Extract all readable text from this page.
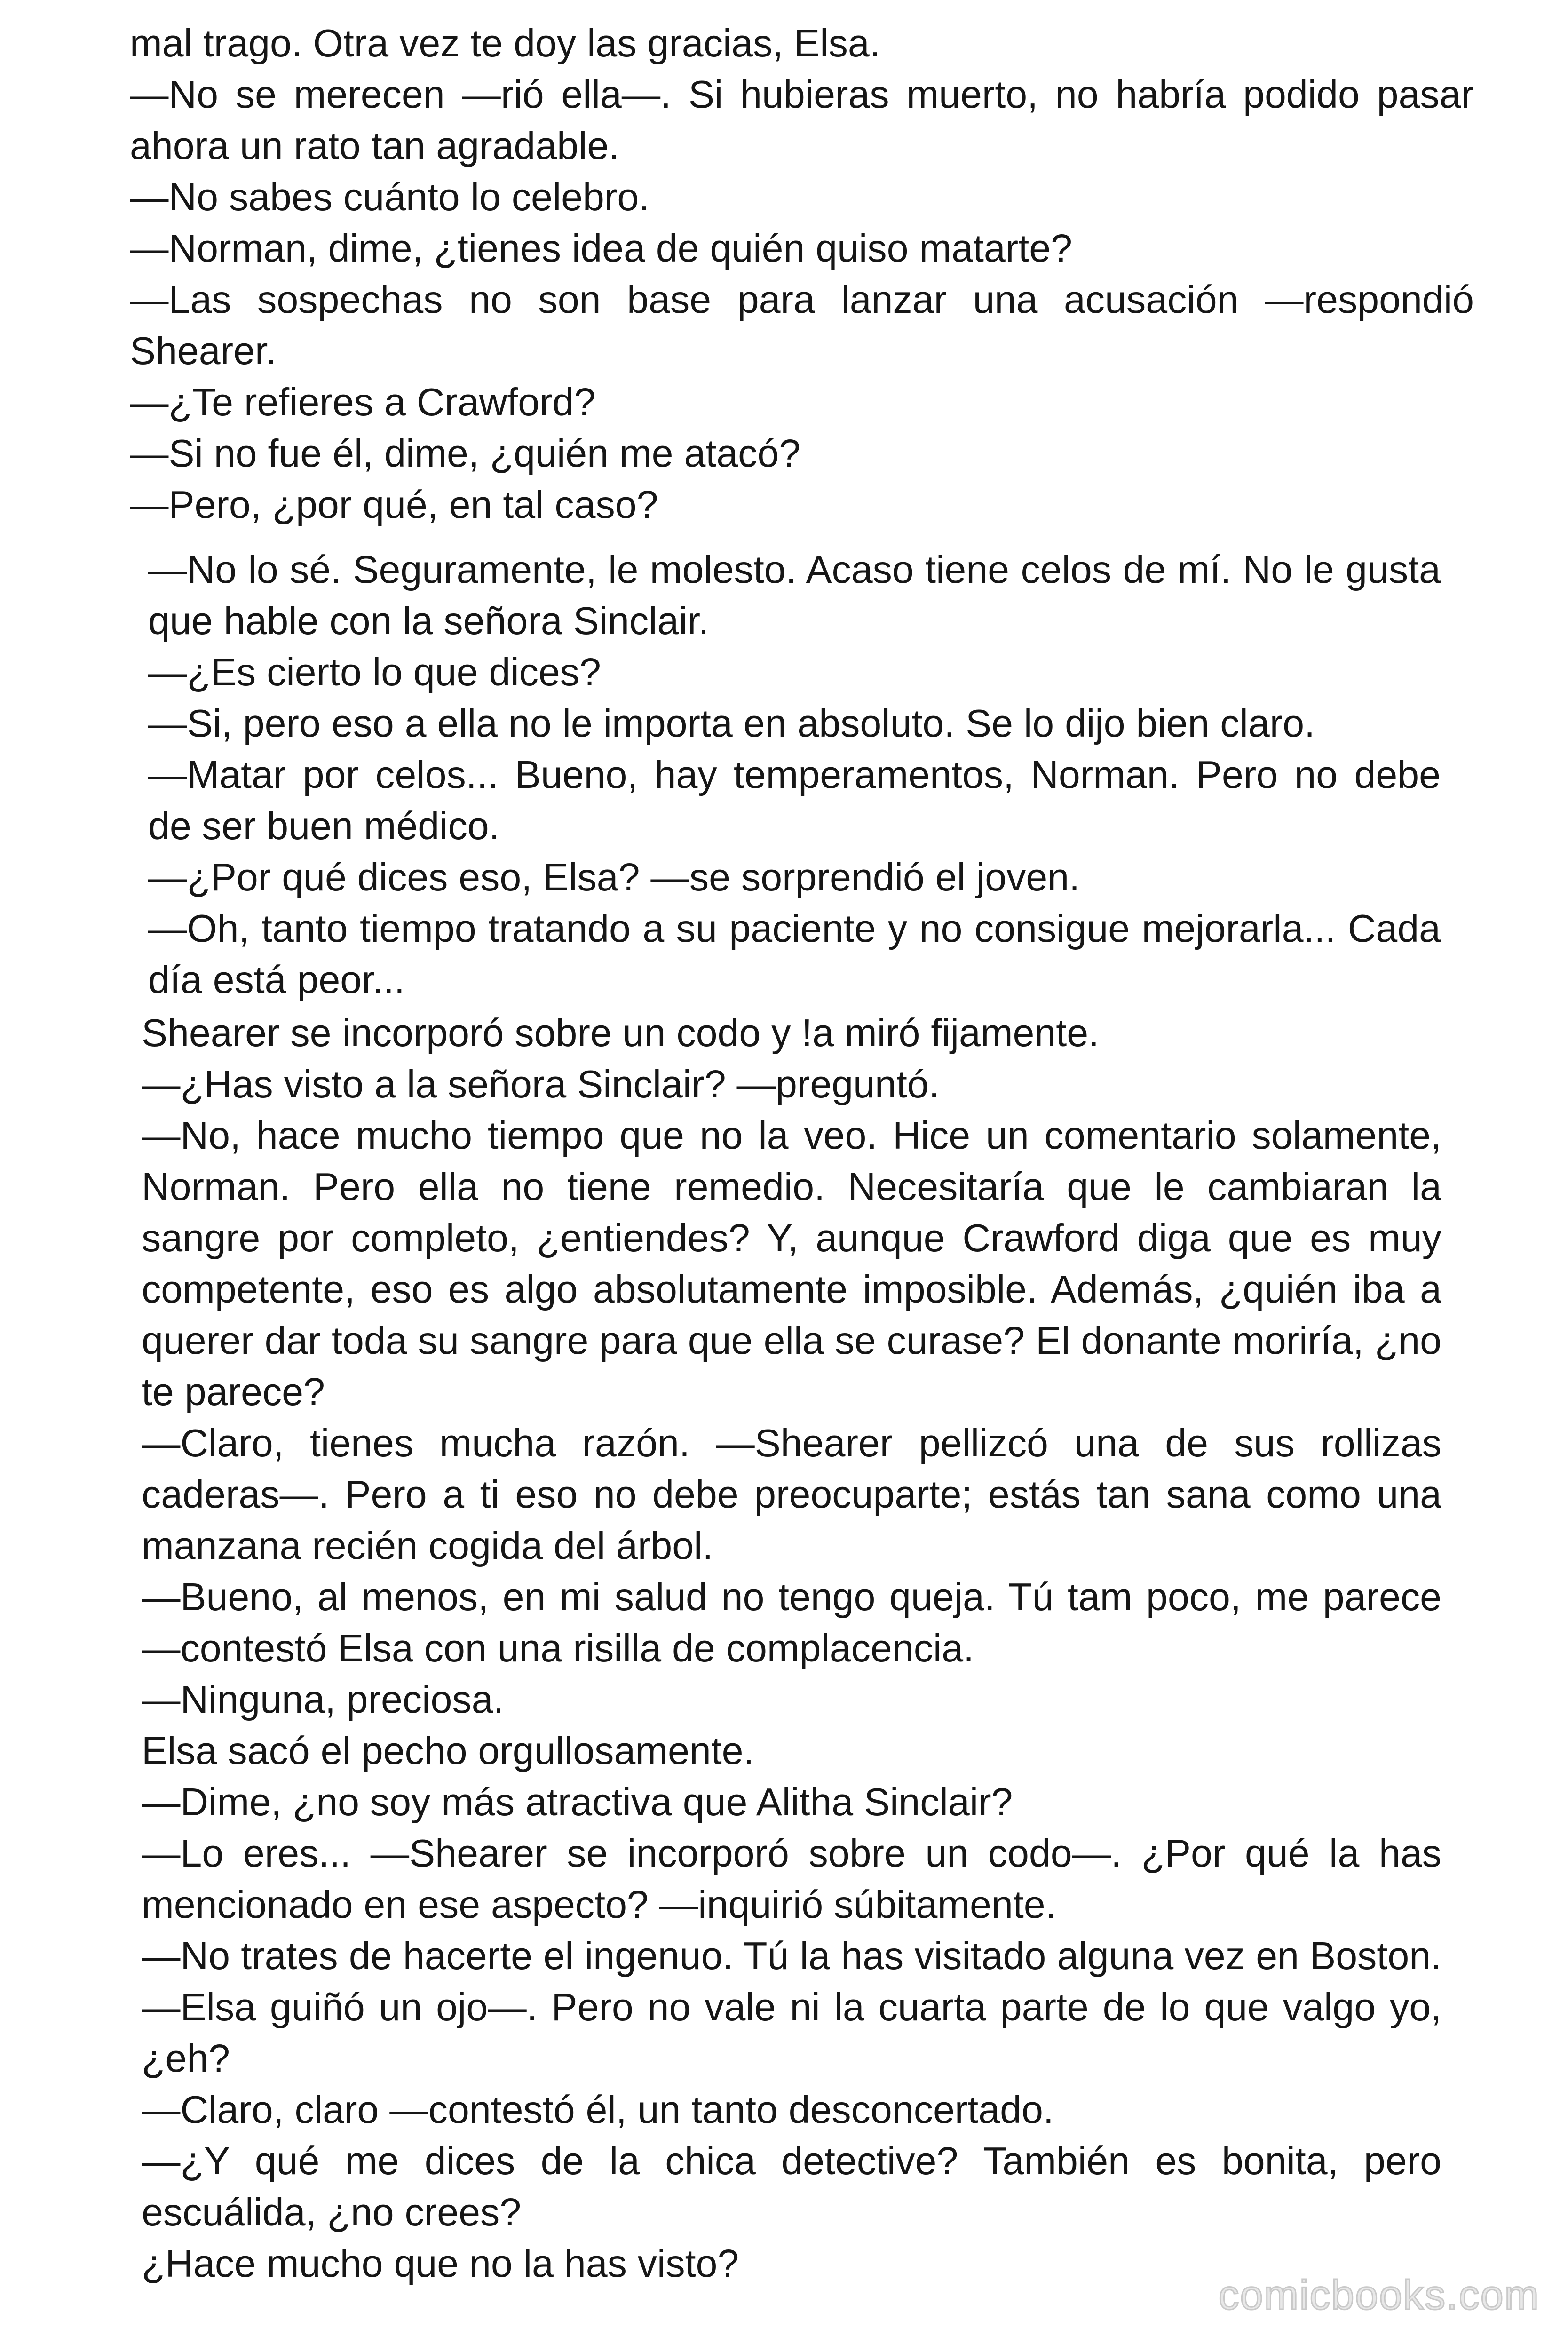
mal trago. Otra vez te doy las gracias, Elsa.

—No se merecen —rió ella—. Si hubieras muerto, no habría podido pasar ahora un rato tan agradable.

—No sabes cuánto lo celebro.

—Norman, dime, ¿tienes idea de quién quiso matarte?

—Las sospechas no son base para lanzar una acusación —respondió Shearer.

—¿Te refieres a Crawford?

—Si no fue él, dime, ¿quién me atacó?

—Pero, ¿por qué, en tal caso?

—No lo sé. Seguramente, le molesto. Acaso tiene celos de mí. No le gusta que hable con la señora Sinclair.

—¿Es cierto lo que dices?

—Si, pero eso a ella no le importa en absoluto. Se lo dijo bien claro.

—Matar por celos... Bueno, hay temperamentos, Norman. Pero no debe de ser buen médico.

—¿Por qué dices eso, Elsa? —se sorprendió el joven.

—Oh, tanto tiempo tratando a su paciente y no consigue mejorarla... Cada día está peor...

Shearer se incorporó sobre un codo y !a miró fijamente.

—¿Has visto a la señora Sinclair? —preguntó.

—No, hace mucho tiempo que no la veo. Hice un comentario solamente, Norman. Pero ella no tiene remedio. Necesitaría que le cambiaran la sangre por completo, ¿entiendes? Y, aunque Crawford diga que es muy competente, eso es algo absolutamente imposible. Además, ¿quién iba a querer dar toda su sangre para que ella se curase? El donante moriría, ¿no te parece?

—Claro, tienes mucha razón. —Shearer pellizcó una de sus rollizas caderas—. Pero a ti eso no debe preocuparte; estás tan sana como una manzana recién cogida del árbol.

—Bueno, al menos, en mi salud no tengo queja. Tú tam poco, me parece —contestó Elsa con una risilla de complacencia.

—Ninguna, preciosa.

Elsa sacó el pecho orgullosamente.

—Dime, ¿no soy más atractiva que Alitha Sinclair?

—Lo eres... —Shearer se incorporó sobre un codo—. ¿Por qué la has mencionado en ese aspecto? —inquirió súbitamente.

—No trates de hacerte el ingenuo. Tú la has visitado alguna vez en Boston. —Elsa guiñó un ojo—. Pero no vale ni la cuarta parte de lo que valgo yo, ¿eh?

—Claro, claro —contestó él, un tanto desconcertado.

—¿Y qué me dices de la chica detective? También es bonita, pero escuálida, ¿no crees?

¿Hace mucho que no la has visto?

comicbooks.com
